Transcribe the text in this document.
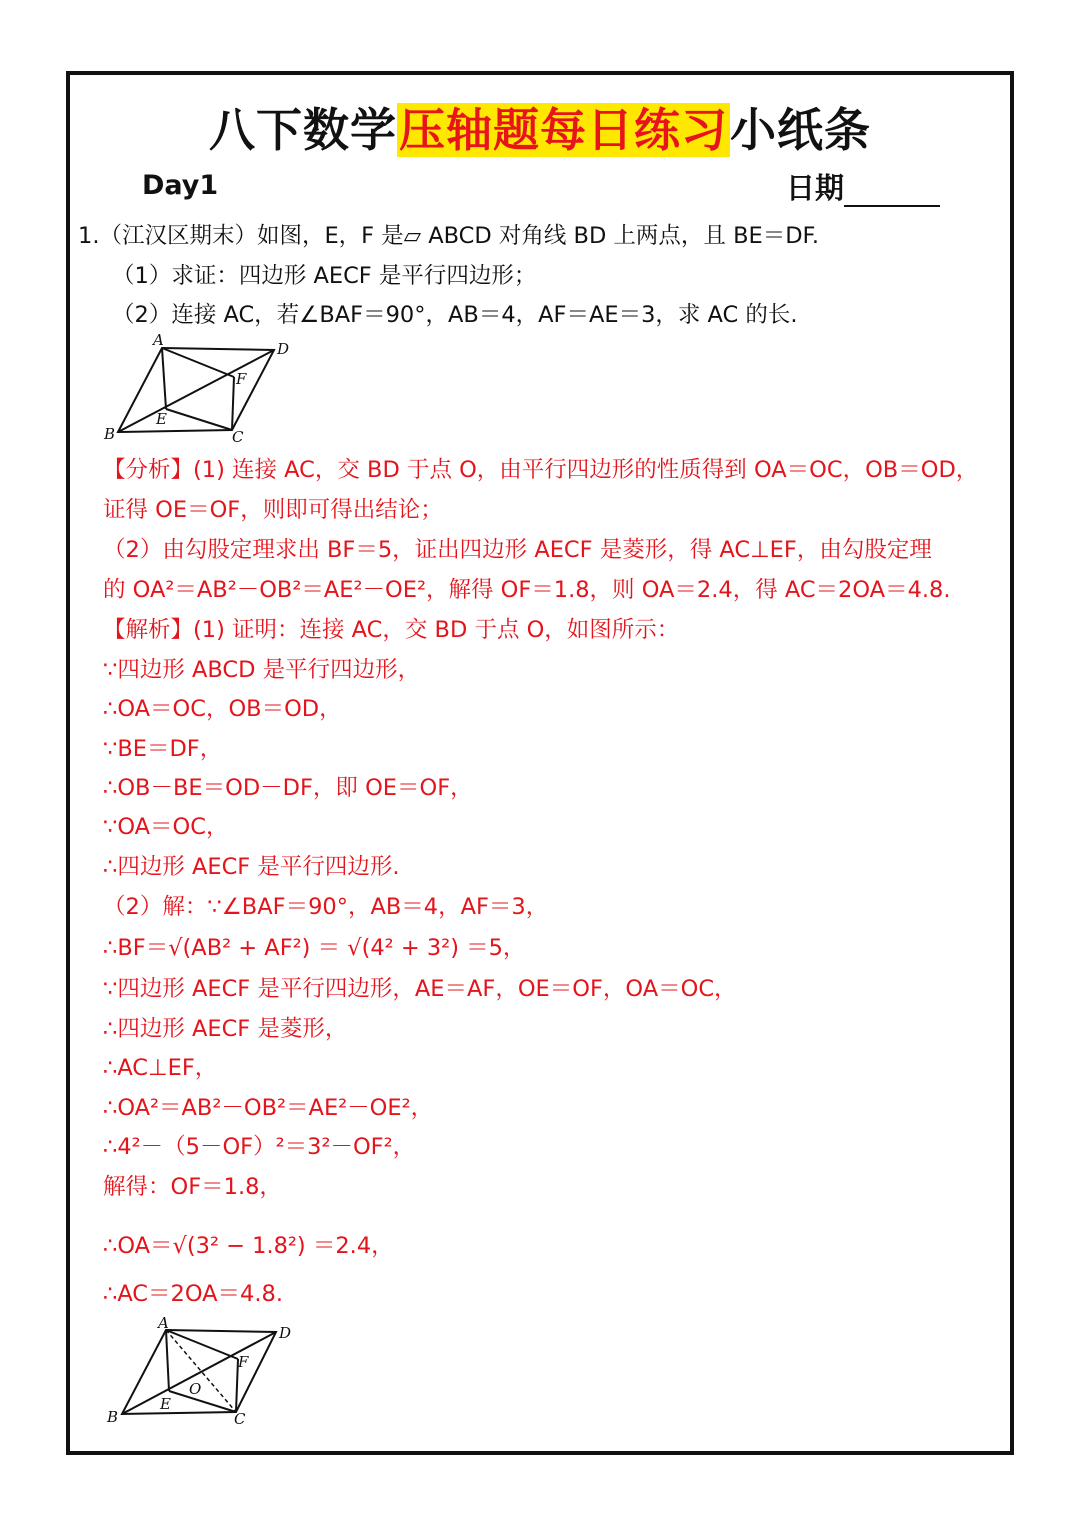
八下数学压轴题每日练习小纸条
Day1	日期
1.（江汉区期末）如图，E，F 是▱ ABCD 对角线 BD 上两点，且 BE＝DF.
（1）求证：四边形 AECF 是平行四边形；
（2）连接 AC，若∠BAF＝90°，AB＝4，AF＝AE＝3，求 AC 的长.
A	D
F
E
B	C
【分析】(1) 连接 AC，交 BD 于点 O，由平行四边形的性质得到 OA＝OC，OB＝OD，
证得 OE＝OF，则即可得出结论；
（2）由勾股定理求出 BF＝5，证出四边形 AECF 是菱形，得 AC⊥EF，由勾股定理
的 OA²＝AB²－OB²＝AE²－OE²，解得 OF＝1.8，则 OA＝2.4，得 AC＝2OA＝4.8.
【解析】(1) 证明：连接 AC，交 BD 于点 O，如图所示：
∵四边形 ABCD 是平行四边形，
∴OA＝OC，OB＝OD，
∵BE＝DF，
∴OB－BE＝OD－DF，即 OE＝OF，
∵OA＝OC，
∴四边形 AECF 是平行四边形.
（2）解：∵∠BAF＝90°，AB＝4，AF＝3，
∴BF＝√(AB² + AF²) ＝ √(4² + 3²) ＝5，
∵四边形 AECF 是平行四边形，AE＝AF，OE＝OF，OA＝OC，
∴四边形 AECF 是菱形，
∴AC⊥EF，
∴OA²＝AB²－OB²＝AE²－OE²，
∴4²－（5－OF）²＝3²－OF²，
解得：OF＝1.8，
∴OA＝√(3² − 1.8²) ＝2.4，
∴AC＝2OA＝4.8.
A
D
F
O
E
B	C
